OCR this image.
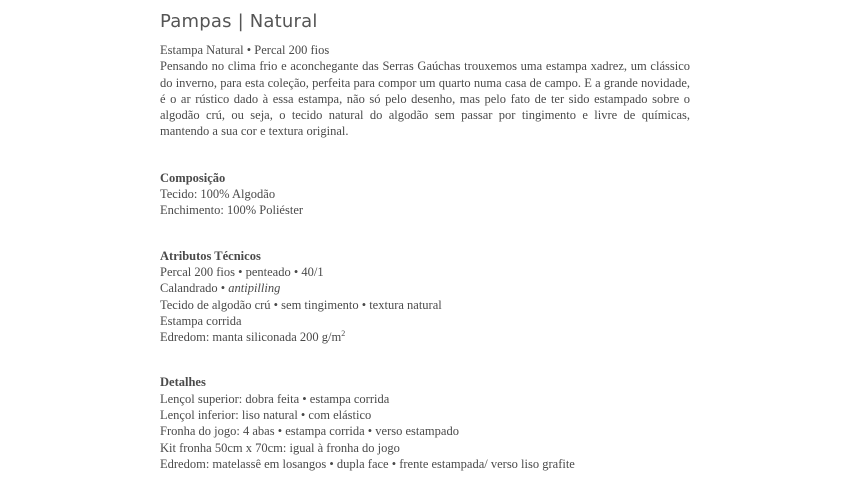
Pampas | Natural

Estampa Natural • Percal 200 fios

Pensando no clima frio e aconchegante das Serras Gaúchas trouxemos uma estampa xadrez, um clássico do inverno, para esta coleção, perfeita para compor um quarto numa casa de campo. E a grande novidade, é o ar rústico dado à essa estampa, não só pelo desenho, mas pelo fato de ter sido estampado sobre o algodão crú, ou seja, o tecido natural do algodão sem passar por tingimento e livre de químicas, mantendo a sua cor e textura original.

Composição

Tecido: 100% Algodão

Enchimento: 100% Poliéster

Atributos Técnicos

Percal 200 fios • penteado • 40/1

Calandrado • antipilling

Tecido de algodão crú • sem tingimento • textura natural

Estampa corrida

Edredom: manta siliconada 200 $g/m^2$

Detalhes

Lençol superior: dobra feita • estampa corrida

Lençol inferior: liso natural • com elástico

Fronha do jogo: 4 abas • estampa corrida • verso estampado

Kit fronha 50cm x 70cm: igual à fronha do jogo

Edredom: matelassê em losangos • dupla face • frente estampada/ verso liso grafite
